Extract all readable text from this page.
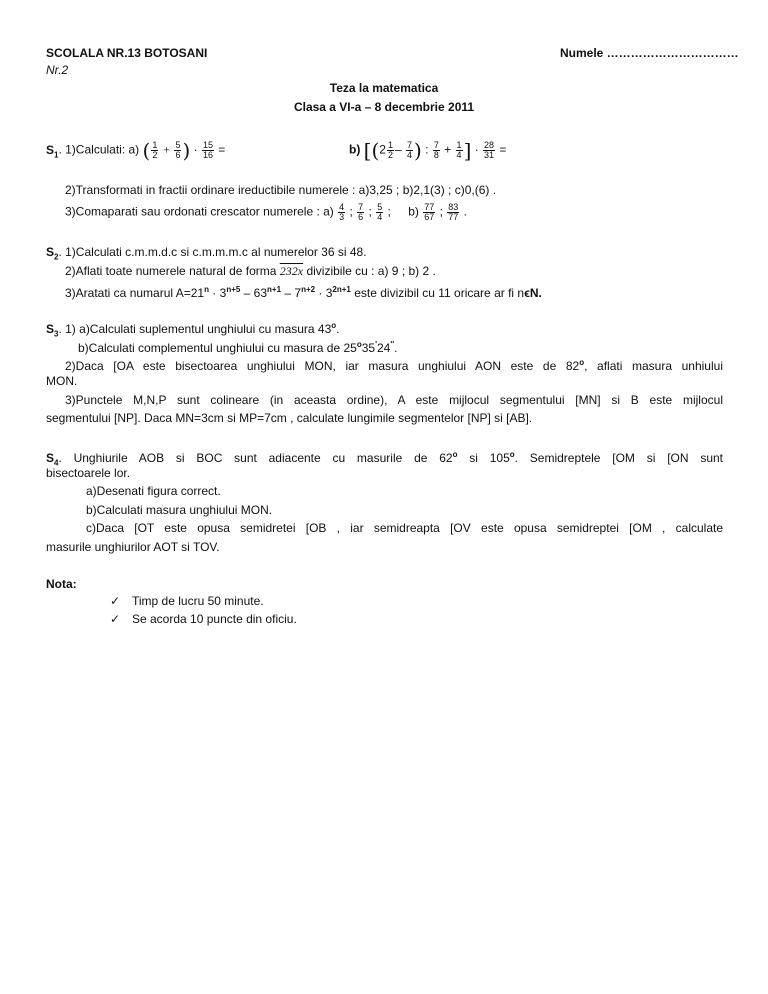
SCOLALA NR.13 BOTOSANI
Nr.2
Numele ……………………………
Teza la matematica
Clasa a VI-a – 8 decembrie 2011
$S_1$. 1)Calculati: a) ( $\frac{1}{2} + \frac{5}{6}$ ) · $\frac{15}{16}$ =	b) [($2 \frac{1}{2} - \frac{7}{4}$ ) : $\frac{7}{8} + \frac{1}{4}$ ] · $\frac{28}{31}$ =
2)Transformati in fractii ordinare ireductibile numerele : a)3,25 ; b)2,1(3) ; c)0,(6) .
3)Comaparati sau ordonati crescator numerele : $a) \frac{4}{3}$ ; $\frac{7}{6}$ ; $\frac{5}{4}$ ; $b) \frac{77}{67}$ ; $\frac{83}{77}$ .
$S_2$. 1)Calculati c.m.m.d.c si c.m.m.m.c al numerelor 36 si 48.
2)Aflati toate numerele natural de forma 232x divizibile cu : a) 9 ; b) 2 .
3)Aratati ca numarul $A=21^n \cdot 3^{n+5} - 63^{n+1} - 7^{n+2} \cdot 3^{2n+1}$ este divizibil cu 11 oricare ar fi nϵN.
$S_3$. 1) a)Calculati suplementul unghiului cu masura 43$^o$.
b)Calculati complementul unghiului cu masura de 25$^o$35'24''.
2)Daca [OA este bisectoarea unghiului MON, iar masura unghiului AON este de 82$^o$, aflati masura unhiului
MON.
3)Punctele M,N,P sunt colineare (in aceasta ordine), A este mijlocul segmentului [MN] si B este mijlocul
segmentului [NP]. Daca MN=3cm si MP=7cm , calculate lungimile segmentelor [NP] si [AB].
$S_4$. Unghiurile AOB si BOC sunt adiacente cu masurile de 62$^o$ si 105$^o$. Semidreptele [OM si [ON sunt
bisectoarele lor.
a)Desenati figura correct.
b)Calculati masura unghiului MON.
c)Daca [OT este opusa semidretei [OB , iar semidreapta [OV este opusa semidreptei [OM , calculate
masurile unghiurilor AOT si TOV.
Nota:
✓ Timp de lucru 50 minute.
✓ Se acorda 10 puncte din oficiu.
